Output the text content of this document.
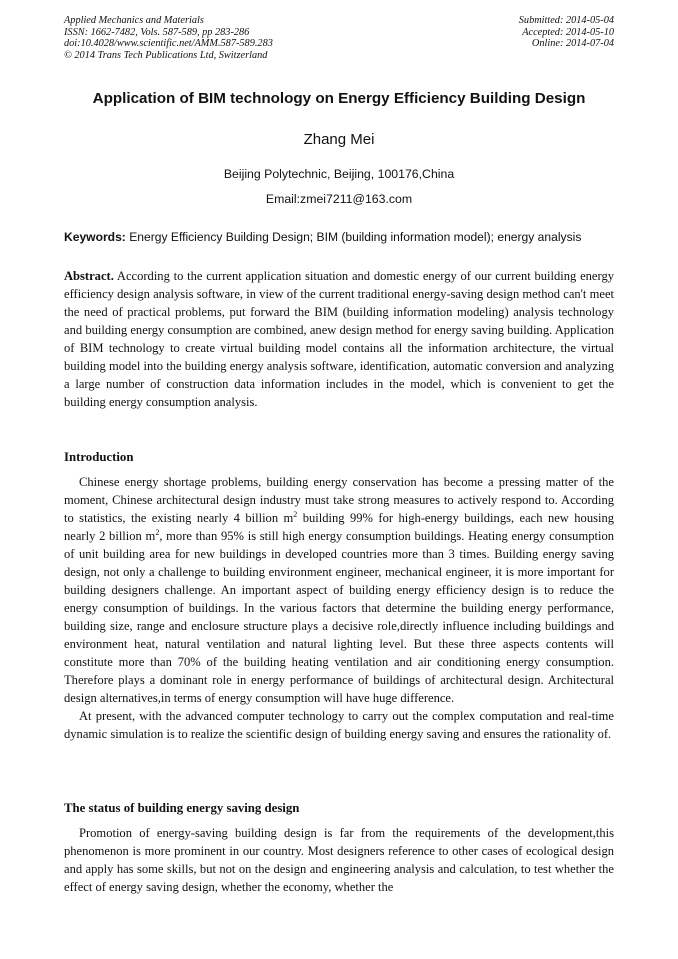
Applied Mechanics and Materials
ISSN: 1662-7482, Vols. 587-589, pp 283-286
doi:10.4028/www.scientific.net/AMM.587-589.283
© 2014 Trans Tech Publications Ltd, Switzerland
Submitted: 2014-05-04
Accepted: 2014-05-10
Online: 2014-07-04
Application of BIM technology on Energy Efficiency Building Design
Zhang Mei
Beijing Polytechnic, Beijing, 100176,China
Email:zmei7211@163.com
Keywords: Energy Efficiency Building Design; BIM (building information model); energy analysis

Abstract. According to the current application situation and domestic energy of our current building energy efficiency design analysis software, in view of the current traditional energy-saving design method can't meet the need of practical problems, put forward the BIM (building information modeling) analysis technology and building energy consumption are combined, anew design method for energy saving building. Application of BIM technology to create virtual building model contains all the information architecture, the virtual building model into the building energy analysis software, identification, automatic conversion and analyzing a large number of construction data information includes in the model, which is convenient to get the building energy consumption analysis.

Introduction

Chinese energy shortage problems, building energy conservation has become a pressing matter of the moment, Chinese architectural design industry must take strong measures to actively respond to. According to statistics, the existing nearly 4 billion $m^2$ building 99% for high-energy buildings, each new housing nearly 2 billion $m^2$, more than 95% is still high energy consumption buildings. Heating energy consumption of unit building area for new buildings in developed countries more than 3 times. Building energy saving design, not only a challenge to building environment engineer, mechanical engineer, it is more important for building designers challenge. An important aspect of building energy efficiency design is to reduce the energy consumption of buildings. In the various factors that determine the building energy performance, building size, range and enclosure structure plays a decisive role,directly influence including buildings and environment heat, natural ventilation and natural lighting level. But these three aspects contents will constitute more than 70% of the building heating ventilation and air conditioning energy consumption. Therefore plays a dominant role in energy performance of buildings of architectural design. Architectural design alternatives,in terms of energy consumption will have huge difference.

At present, with the advanced computer technology to carry out the complex computation and real-time dynamic simulation is to realize the scientific design of building energy saving and ensures the rationality of.

The status of building energy saving design

Promotion of energy-saving building design is far from the requirements of the development,this phenomenon is more prominent in our country. Most designers reference to other cases of ecological design and apply has some skills, but not on the design and engineering analysis and calculation, to test whether the effect of energy saving design, whether the economy, whether the
